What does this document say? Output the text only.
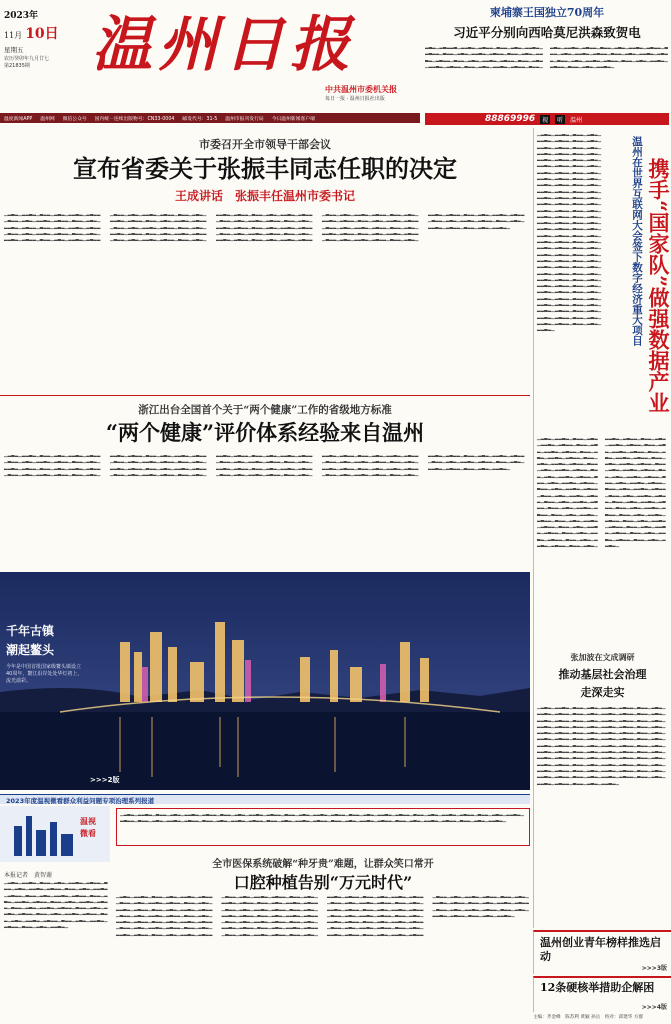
2023年
11月 10日
星期五
农历癸卯年九月廿七
第21835期	温 州 日 报
中共温州市委机关报
每日一报 · 温州日报社出版
温度新闻APP 温州网 微信公众号 国内统一连续出版物号：CN33-0004 邮发代号：31-5 温州市报刊发行局 今日温州新闻客户端
柬埔寨王国独立70周年
习近平分别向西哈莫尼洪森致贺电
▂▃▂▁▂▃▂▂▃▁▂▂▃▂▁▂▃▂▂▁▃▂▂▁▂▃▂▁▂▂▃▂▁▂▃▂▂▁▃▂▂▁▂▃▂▁▂▂▃▂▁▂▃▂▂▁▃▂▂▁▂▃▂▁▂▂▃▂▁▂▃▂▂▁▃▂▂▁▂▃▂▁▂▂▃▂▁▂▃▂▂▁▃▂▂▁▂▃▂▁▂▂▃▂▁▂▃▂▂▁▃▂▂▁▂▃▂▁▂▂▃▂▁▂▃▂▂▁▃▂▂▁▂▃▂▁▂▂▃▂▁▂▃▂▂▁▃▂▂▁▂▃▂▁▂▂▃▂▁▂▃▂▂▁▃▂▂▁▂▃▂▁▂▂▃▂▁▂▃▂▂▁▃▂▂▁▂▃▂▁▂▂▃▂▁▂▃▂▂▁▃▂▂▁▂▃▂▁▂▂▃▂▁▂▃▂▂▁▃▂▂▁▂▃▂▁▂▂▃▂▁▂▃▂▂▁▃▂▂▁▂▃▂▁▂▂▃▂▁
88869996	视	听	温州
市委召开全市领导干部会议
宣布省委关于张振丰同志任职的决定
王成讲话　张振丰任温州市委书记
▁▂▃▂▁▂▂▃▂▁▃▂▂▁▂▃▂▁▂▂▃▂▁▂▃▂▂▁▃▂▂▁▂▃▂▁▂▂▃▂▁▂▃▂▂▁▃▂▂▁▂▃▂▁▂▂▃▂▁▂▃▂▂▁▃▂▂▁▂▃▂▁▂▂▃▂▁▂▃▂▂▁▃▂▂▁▂▃▂▁▂▂▃▂▁▂▃▂▂▁▃▂▂▁▂▃▂▁▂▂▃▂▁▂▃▂▂▁▃▂▂▁▂▃▂▁▂▂▃▂▁▂▃▂▂▁▃▂▂▁▂▃▂▁▂▂▃▂▁▂▃▂▂▁▃▂▂▁▂▃▂▁▂▂▃▂▁▂▃▂▂▁▃▂▂▁▂▃▂▁▂▂▃▂▁▂▃▂▂▁▃▂▂▁▂▃▂▁▂▂▃▂▁▂▃▂▂▁▃▂▂▁▂▃▂▁▂▂▃▂▁▂▃▂▂▁▃▂▂▁▂▃▂▁▂▂▃▂▁▂▃▂▂▁▃▂▂▁▂▃▂▁▂▂▃▂▁▂▃▂▂▁▃▂▂▁▂▃▂▁▂▂▃▂▁▂▃▂▂▁▃▂▂▁▂▃▂▁▂▂▃▂▁▂▃▂▂▁▃▂▂▁▂▃▂▁▂▂▃▂▁▂▃▂▂▁▃▂▂▁▂▃▂▁▂▂▃▂▁▂▃▂▂▁▃▂▂▁▂▃▂▁▂▂▃▂▁▂▃▂▂▁▃▂▂▁▂▃▂▁▂▂▃▂▁▂▃▂▂▁▃▂▂▁▂▃▂▁▂▂▃▂▁▂▃▂▂▁▃▂▂▁▂▃▂▁▂▂▃▂▁▂▃▂▂▁▃▂▂▁▂▃▂▁▂▂▃▂▁▂▃▂▂▁▃▂▂▁▂▃▂▁▂▂▃▂▁▂▃▂▂▁▃▂▂▁▂▃▂▁▂▂▃▂▁▂▃▂▂▁▃▂▂▁▂▃▂▁▂▂▃▂▁▂▃▂▂▁▃▂▂▁▂▃▂▁▂▂▃▂▁▂▃▂▂▁▃▂▂▁▂▃▂▁▂▂▃▂▁▂▃▂▂▁▃▂▂▁▂▃▂▁▂▂▃▂▁▂▃▂▂▁▃▂▂▁▂▃▂▁▂▂▃▂▁▂▃▂▂▁▃▂▂▁▂▃▂▁▂▂▃▂▁▂▃▂▂▁▃▂▂▁▂▃▂▁▂▂▃▂▁▂▃▂▂▁▃▂▂▁▂▃▂▁▂▂▃▂▁▂▃▂▂▁▃▂▂▁▂▃▂▁▂▂▃▂▁
浙江出台全国首个关于“两个健康”工作的省级地方标准
“两个健康”评价体系经验来自温州
▁▂▃▂▁▂▂▃▂▁▃▂▂▁▂▃▂▁▂▂▃▂▁▂▃▂▂▁▃▂▂▁▂▃▂▁▂▂▃▂▁▂▃▂▂▁▃▂▂▁▂▃▂▁▂▂▃▂▁▂▃▂▂▁▃▂▂▁▂▃▂▁▂▂▃▂▁▂▃▂▂▁▃▂▂▁▂▃▂▁▂▂▃▂▁▂▃▂▂▁▃▂▂▁▂▃▂▁▂▂▃▂▁▂▃▂▂▁▃▂▂▁▂▃▂▁▂▂▃▂▁▂▃▂▂▁▃▂▂▁▂▃▂▁▂▂▃▂▁▂▃▂▂▁▃▂▂▁▂▃▂▁▂▂▃▂▁▂▃▂▂▁▃▂▂▁▂▃▂▁▂▂▃▂▁▂▃▂▂▁▃▂▂▁▂▃▂▁▂▂▃▂▁▂▃▂▂▁▃▂▂▁▂▃▂▁▂▂▃▂▁▂▃▂▂▁▃▂▂▁▂▃▂▁▂▂▃▂▁▂▃▂▂▁▃▂▂▁▂▃▂▁▂▂▃▂▁▂▃▂▂▁▃▂▂▁▂▃▂▁▂▂▃▂▁▂▃▂▂▁▃▂▂▁▂▃▂▁▂▂▃▂▁▂▃▂▂▁▃▂▂▁▂▃▂▁▂▂▃▂▁▂▃▂▂▁▃▂▂▁▂▃▂▁▂▂▃▂▁▂▃▂▂▁▃▂▂▁▂▃▂▁▂▂▃▂▁▂▃▂▂▁▃▂▂▁▂▃▂▁▂▂▃▂▁▂▃▂▂▁▃▂▂▁▂▃▂▁▂▂▃▂▁▂▃▂▂▁▃▂▂▁▂▃▂▁▂▂▃▂▁▂▃▂▂▁▃▂▂▁▂▃▂▁▂▂▃▂▁▂▃▂▂▁▃▂▂▁▂▃▂▁▂▂▃▂▁▂▃▂▂▁▃▂▂▁▂▃▂▁▂▂▃▂▁▂▃▂▂▁▃▂▂▁▂▃▂▁▂▂▃▂▁▂▃▂▂▁▃▂▂▁▂▃▂▁▂▂▃▂▁▂▃▂▂▁▃▂▂▁▂▃▂▁▂▂▃▂▁
▁▂▃▂▁▂▂▃▂▁▃▂▂▁▂▃▂▁▂▂▃▂▁▂▃▂▂▁▃▂▂▁▂▃▂▁▂▂▃▂▁▂▃▂▂▁▃▂▂▁▂▃▂▁▂▂▃▂▁▂▃▂▂▁▃▂▂▁▂▃▂▁▂▂▃▂▁▂▃▂▂▁▃▂▂▁▂▃▂▁▂▂▃▂▁▂▃▂▂▁▃▂▂▁▂▃▂▁▂▂▃▂▁▂▃▂▂▁▃▂▂▁▂▃▂▁▂▂▃▂▁▂▃▂▂▁▃▂▂▁▂▃▂▁▂▂▃▂▁▂▃▂▂▁▃▂▂▁▂▃▂▁▂▂▃▂▁▂▃▂▂▁▃▂▂▁▂▃▂▁▂▂▃▂▁▂▃▂▂▁▃▂▂▁▂▃▂▁▂▂▃▂▁▂▃▂▂▁▃▂▂▁▂▃▂▁▂▂▃▂▁▂▃▂▂▁▃▂▂▁▂▃▂▁▂▂▃▂▁▂▃▂▂▁▃▂▂▁▂▃▂▁▂▂▃▂▁▂▃▂▂▁▃▂▂▁▂▃▂▁▂▂▃▂▁▂▃▂▂▁▃▂▂▁▂▃▂▁▂▂▃▂▁▂▃▂▂▁▃▂▂▁▂▃▂▁▂▂▃▂▁▂▃▂▂▁▃▂▂▁▂▃▂▁▂▂▃▂▁▂▃▂▂▁▃▂▂▁▂▃▂▁▂▂▃▂▁▂▃▂▂▁▃▂▂▁▂▃▂▁▂▂▃▂▁▂▃▂▂▁▃▂▂▁▂▃▂▁▂▂▃▂▁▂▃▂▂▁▃▂▂▁▂▃▂▁▂▂▃▂▁▂▃▂▂▁▃▂▂▁▂▃▂▁▂▂▃▂▁▂▃▂▂▁▃▂▂▁▂▃▂▁▂▂▃▂▁▂▃▂▂▁▃▂▂▁▂▃▂▁▂▂▃▂▁▂▃▂▂▁▃▂▂▁▂▃▂▁▂▂▃▂▁▂▃▂▂▁▃▂▂▁▂▃▂▁▂▂▃▂▁▂▃▂▂▁▃▂▂▁▂▃▂▁▂▂▃▂▁▂▃▂▂▁▃▂▂▁▂▃▂▁▂▂▃▂▁▂▃▂▂▁▃▂▂▁▂▃▂▁▂▂▃▂▁▂▃▂▂▁▃▂▂▁▂▃▂▁▂▂▃▂▁	温州在世界互联网大会签下数字经济重大项目 携手“国家队”做强数据产业
▁▂▃▂▁▂▂▃▂▁▃▂▂▁▂▃▂▁▂▂▃▂▁▂▃▂▂▁▃▂▂▁▂▃▂▁▂▂▃▂▁▂▃▂▂▁▃▂▂▁▂▃▂▁▂▂▃▂▁▂▃▂▂▁▃▂▂▁▂▃▂▁▂▂▃▂▁▂▃▂▂▁▃▂▂▁▂▃▂▁▂▂▃▂▁▂▃▂▂▁▃▂▂▁▂▃▂▁▂▂▃▂▁▂▃▂▂▁▃▂▂▁▂▃▂▁▂▂▃▂▁▂▃▂▂▁▃▂▂▁▂▃▂▁▂▂▃▂▁▂▃▂▂▁▃▂▂▁▂▃▂▁▂▂▃▂▁▂▃▂▂▁▃▂▂▁▂▃▂▁▂▂▃▂▁▂▃▂▂▁▃▂▂▁▂▃▂▁▂▂▃▂▁▂▃▂▂▁▃▂▂▁▂▃▂▁▂▂▃▂▁▂▃▂▂▁▃▂▂▁▂▃▂▁▂▂▃▂▁▂▃▂▂▁▃▂▂▁▂▃▂▁▂▂▃▂▁▂▃▂▂▁▃▂▂▁▂▃▂▁▂▂▃▂▁▂▃▂▂▁▃▂▂▁▂▃▂▁▂▂▃▂▁▂▃▂▂▁▃▂▂▁▂▃▂▁▂▂▃▂▁▂▃▂▂▁▃▂▂▁▂▃▂▁▂▂▃▂▁▂▃▂▂▁▃▂▂▁▂▃▂▁▂▂▃▂▁▂▃▂▂▁▃▂▂▁▂▃▂▁▂▂▃▂▁▂▃▂▂▁▃▂▂▁▂▃▂▁▂▂▃▂▁▂▃▂▂▁▃▂▂▁▂▃▂▁▂▂▃▂▁▂▃▂▂▁▃▂▂▁▂▃▂▁▂▂▃▂▁▂▃▂▂▁▃▂▂▁▂▃▂▁▂▂▃▂▁▂▃▂▂▁▃▂▂▁▂▃▂▁▂▂▃▂▁▂▃▂▂▁▃▂▂▁▂▃▂▁▂▂▃▂▁▂▃▂▂▁▃▂▂▁▂▃▂▁▂▂▃▂▁▂▃▂▂▁▃▂▂▁▂▃▂▁▂▂▃▂▁▂▃▂▂▁▃▂▂▁▂▃▂▁▂▂▃▂▁▂▃▂▂▁▃▂▂▁▂▃▂▁▂▂▃▂▁▂▃▂▂▁▃▂▂▁▂▃▂▁▂▂▃▂▁▂▃▂▂▁▃▂▂▁▂▃▂▁▂▂▃▂▁▂▃▂▂▁▃▂▂▁▂▃▂▁▂▂▃▂▁
千年古镇
潮起鳌头
今年是中国首批国家级鳌头镇设立40周年，鳌江沿岸处处华灯初上，流光溢彩。
>>>2版
张加波在文成调研
推动基层社会治理
走深走实
▁▂▃▂▁▂▂▃▂▁▃▂▂▁▂▃▂▁▂▂▃▂▁▂▃▂▂▁▃▂▂▁▂▃▂▁▂▂▃▂▁▂▃▂▂▁▃▂▂▁▂▃▂▁▂▂▃▂▁▂▃▂▂▁▃▂▂▁▂▃▂▁▂▂▃▂▁▂▃▂▂▁▃▂▂▁▂▃▂▁▂▂▃▂▁▂▃▂▂▁▃▂▂▁▂▃▂▁▂▂▃▂▁▂▃▂▂▁▃▂▂▁▂▃▂▁▂▂▃▂▁▂▃▂▂▁▃▂▂▁▂▃▂▁▂▂▃▂▁▂▃▂▂▁▃▂▂▁▂▃▂▁▂▂▃▂▁▂▃▂▂▁▃▂▂▁▂▃▂▁▂▂▃▂▁▂▃▂▂▁▃▂▂▁▂▃▂▁▂▂▃▂▁▂▃▂▂▁▃▂▂▁▂▃▂▁▂▂▃▂▁▂▃▂▂▁▃▂▂▁▂▃▂▁▂▂▃▂▁▂▃▂▂▁▃▂▂▁▂▃▂▁▂▂▃▂▁▂▃▂▂▁▃▂▂▁▂▃▂▁▂▂▃▂▁▂▃▂▂▁▃▂▂▁▂▃▂▁▂▂▃▂▁▂▃▂▂▁▃▂▂▁▂▃▂▁▂▂▃▂▁▂▃▂▂▁▃▂▂▁▂▃▂▁▂▂▃▂▁▂▃▂▂▁▃▂▂▁▂▃▂▁▂▂▃▂▁▂▃▂▂▁▃▂▂▁▂▃▂▁▂▂▃▂▁▂▃▂▂▁▃▂▂▁▂▃▂▁▂▂▃▂▁▂▃▂▂▁▃▂▂▁▂▃▂▁▂▂▃▂▁▂▃▂▂▁▃▂▂▁▂▃▂▁▂▂▃▂▁▂▃▂▂▁▃▂▂▁▂▃▂▁▂▂▃▂▁▂▃▂▂▁▃▂▂▁▂▃▂▁▂▂▃▂▁
2023年度温视微看群众利益问题专项治理系列报道
温视
微看
▁▂▃▂▁▂▂▃▂▁▃▂▂▁▂▃▂▁▂▂▃▂▁▂▃▂▂▁▃▂▂▁▂▃▂▁▂▂▃▂▁▂▃▂▂▁▃▂▂▁▂▃▂▁▂▂▃▂▁▂▃▂▂▁▃▂▂▁▂▃▂▁▂▂▃▂▁▂▃▂▂▁▃▂▂▁▂▃▂▁▂▂▃▂▁▂▃▂▂▁▃▂▂▁▂▃▂▁▂▂▃▂▁▂▃▂▂▁▃▂▂▁▂▃▂▁▂▂▃▂▁▂▃▂▂▁▃▂▂▁▂▃▂▁▂▂▃▂▁▂▃▂▂▁▃▂▂▁▂▃▂▁▂▂▃▂▁▂▃▂▂▁▃▂▂▁▂▃▂▁▂▂▃▂▁▂▃▂▂▁▃▂▂▁▂▃▂▁▂▂▃▂▁▂▃▂▂▁▃▂▂▁▂▃▂▁▂▂▃▂▁
全市医保系统破解“种牙贵”难题，让群众笑口常开
口腔种植告别“万元时代”
本报记者　黄智谢
▁▂▃▂▁▂▂▃▂▁▃▂▂▁▂▃▂▁▂▂▃▂▁▂▃▂▂▁▃▂▂▁▂▃▂▁▂▂▃▂▁▂▃▂▂▁▃▂▂▁▂▃▂▁▂▂▃▂▁▂▃▂▂▁▃▂▂▁▂▃▂▁▂▂▃▂▁▂▃▂▂▁▃▂▂▁▂▃▂▁▂▂▃▂▁▂▃▂▂▁▃▂▂▁▂▃▂▁▂▂▃▂▁▂▃▂▂▁▃▂▂▁▂▃▂▁▂▂▃▂▁▂▃▂▂▁▃▂▂▁▂▃▂▁▂▂▃▂▁▂▃▂▂▁▃▂▂▁▂▃▂▁▂▂▃▂▁▂▃▂▂▁▃▂▂▁▂▃▂▁▂▂▃▂▁▂▃▂▂▁▃▂▂▁▂▃▂▁▂▂▃▂▁▂▃▂▂▁▃▂▂▁▂▃▂▁▂▂▃▂▁
▁▂▃▂▁▂▂▃▂▁▃▂▂▁▂▃▂▁▂▂▃▂▁▂▃▂▂▁▃▂▂▁▂▃▂▁▂▂▃▂▁▂▃▂▂▁▃▂▂▁▂▃▂▁▂▂▃▂▁▂▃▂▂▁▃▂▂▁▂▃▂▁▂▂▃▂▁▂▃▂▂▁▃▂▂▁▂▃▂▁▂▂▃▂▁▂▃▂▂▁▃▂▂▁▂▃▂▁▂▂▃▂▁▂▃▂▂▁▃▂▂▁▂▃▂▁▂▂▃▂▁▂▃▂▂▁▃▂▂▁▂▃▂▁▂▂▃▂▁▂▃▂▂▁▃▂▂▁▂▃▂▁▂▂▃▂▁▂▃▂▂▁▃▂▂▁▂▃▂▁▂▂▃▂▁▂▃▂▂▁▃▂▂▁▂▃▂▁▂▂▃▂▁▂▃▂▂▁▃▂▂▁▂▃▂▁▂▂▃▂▁▂▃▂▂▁▃▂▂▁▂▃▂▁▂▂▃▂▁▂▃▂▂▁▃▂▂▁▂▃▂▁▂▂▃▂▁▂▃▂▂▁▃▂▂▁▂▃▂▁▂▂▃▂▁▂▃▂▂▁▃▂▂▁▂▃▂▁▂▂▃▂▁▂▃▂▂▁▃▂▂▁▂▃▂▁▂▂▃▂▁▂▃▂▂▁▃▂▂▁▂▃▂▁▂▂▃▂▁▂▃▂▂▁▃▂▂▁▂▃▂▁▂▂▃▂▁▂▃▂▂▁▃▂▂▁▂▃▂▁▂▂▃▂▁▂▃▂▂▁▃▂▂▁▂▃▂▁▂▂▃▂▁▂▃▂▂▁▃▂▂▁▂▃▂▁▂▂▃▂▁▂▃▂▂▁▃▂▂▁▂▃▂▁▂▂▃▂▁▂▃▂▂▁▃▂▂▁▂▃▂▁▂▂▃▂▁▂▃▂▂▁▃▂▂▁▂▃▂▁▂▂▃▂▁▂▃▂▂▁▃▂▂▁▂▃▂▁▂▂▃▂▁▂▃▂▂▁▃▂▂▁▂▃▂▁▂▂▃▂▁▂▃▂▂▁▃▂▂▁▂▃▂▁▂▂▃▂▁▂▃▂▂▁▃▂▂▁▂▃▂▁▂▂▃▂▁▂▃▂▂▁▃▂▂▁▂▃▂▁▂▂▃▂▁▂▃▂▂▁▃▂▂▁▂▃▂▁▂▂▃▂▁▂▃▂▂▁▃▂▂▁▂▃▂▁▂▂▃▂▁▂▃▂▂▁▃▂▂▁▂▃▂▁▂▂▃▂▁▂▃▂▂▁▃▂▂▁▂▃▂▁▂▂▃▂▁▂▃▂▂▁▃▂▂▁▂▃▂▁▂▂▃▂▁▂▃▂▂▁▃▂▂▁▂▃▂▁▂▂▃▂▁▂▃▂▂▁▃▂▂▁▂▃▂▁▂▂▃▂▁
温州创业青年榜样推选启动
>>>3版
12条硬核举措助企解困
>>>4版
主编：齐金峰　陈苏利 黄颖 孙岳　校对：邱建华 方群
